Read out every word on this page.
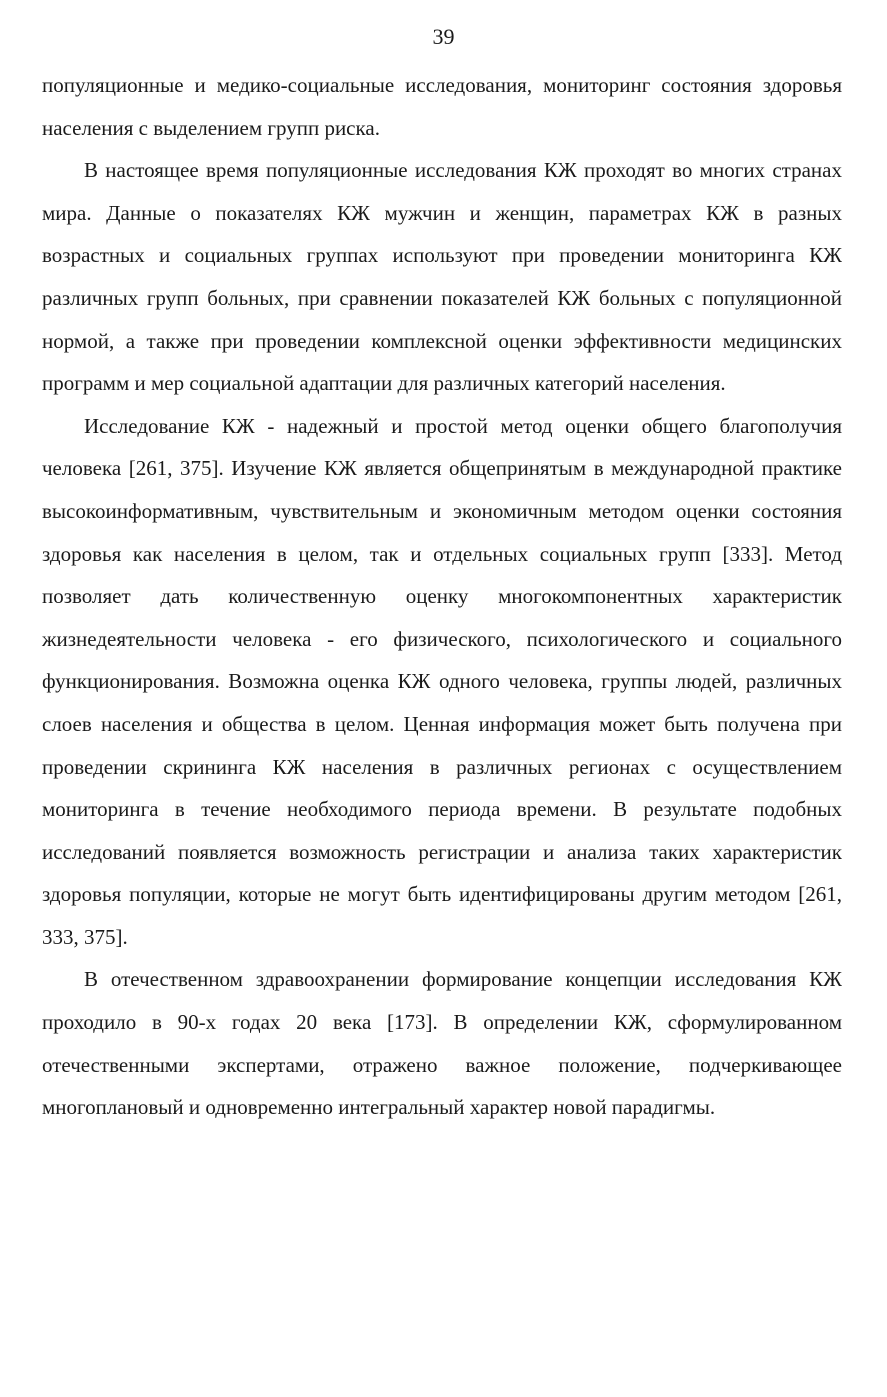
39

популяционные и медико-социальные исследования, мониторинг состояния здоровья населения с выделением групп риска.

В настоящее время популяционные исследования КЖ проходят во многих странах мира. Данные о показателях КЖ мужчин и женщин, параметрах КЖ в разных возрастных и социальных группах используют при проведении мониторинга КЖ различных групп больных, при сравнении показателей КЖ больных с популяционной нормой, а также при проведении комплексной оценки эффективности медицинских программ и мер социальной адаптации для различных категорий населения.

Исследование КЖ - надежный и простой метод оценки общего благополучия человека [261, 375]. Изучение КЖ является общепринятым в международной практике высокоинформативным, чувствительным и экономичным методом оценки состояния здоровья как населения в целом, так и отдельных социальных групп [333]. Метод позволяет дать количественную оценку многокомпонентных характеристик жизнедеятельности человека - его физического, психологического и социального функционирования. Возможна оценка КЖ одного человека, группы людей, различных слоев населения и общества в целом. Ценная информация может быть получена при проведении скрининга КЖ населения в различных регионах с осуществлением мониторинга в течение необходимого периода времени. В результате подобных исследований появляется возможность регистрации и анализа таких характеристик здоровья популяции, которые не могут быть идентифицированы другим методом [261, 333, 375].

В отечественном здравоохранении формирование концепции исследования КЖ проходило в 90-х годах 20 века [173]. В определении КЖ, сформулированном отечественными экспертами, отражено важное положение, подчеркивающее многоплановый и одновременно интегральный характер новой парадигмы.
